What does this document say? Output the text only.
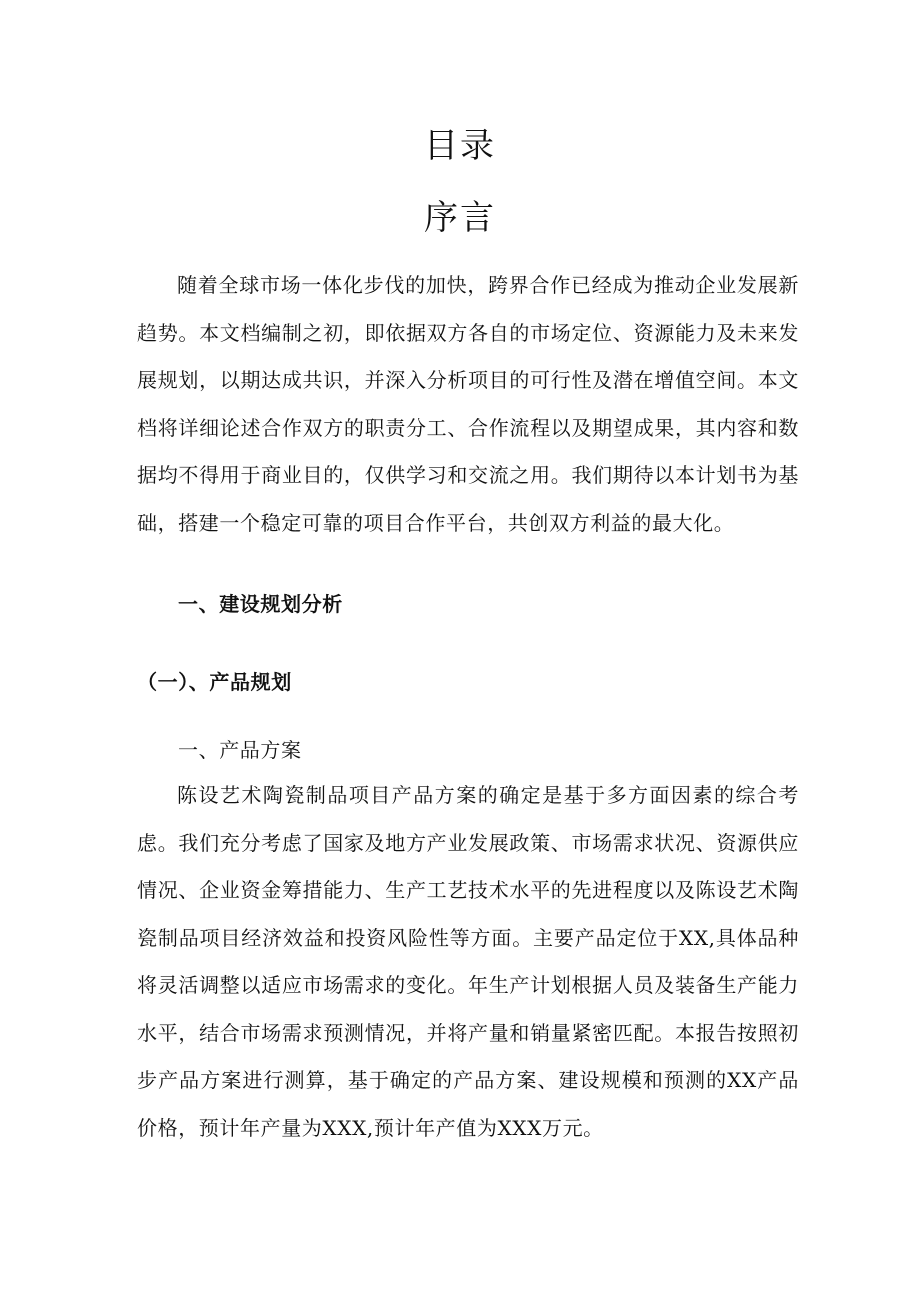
目录
序言

随着全球市场一体化步伐的加快，跨界合作已经成为推动企业发展新趋势。本文档编制之初，即依据双方各自的市场定位、资源能力及未来发展规划，以期达成共识，并深入分析项目的可行性及潜在增值空间。本文档将详细论述合作双方的职责分工、合作流程以及期望成果，其内容和数据均不得用于商业目的，仅供学习和交流之用。我们期待以本计划书为基础，搭建一个稳定可靠的项目合作平台，共创双方利益的最大化。

一、建设规划分析
（一）、产品规划
一、产品方案

陈设艺术陶瓷制品项目产品方案的确定是基于多方面因素的综合考虑。我们充分考虑了国家及地方产业发展政策、市场需求状况、资源供应情况、企业资金筹措能力、生产工艺技术水平的先进程度以及陈设艺术陶瓷制品项目经济效益和投资风险性等方面。主要产品定位于XX,具体品种将灵活调整以适应市场需求的变化。年生产计划根据人员及装备生产能力水平，结合市场需求预测情况，并将产量和销量紧密匹配。本报告按照初步产品方案进行测算，基于确定的产品方案、建设规模和预测的XX产品价格，预计年产量为XXX,预计年产值为XXX万元。
